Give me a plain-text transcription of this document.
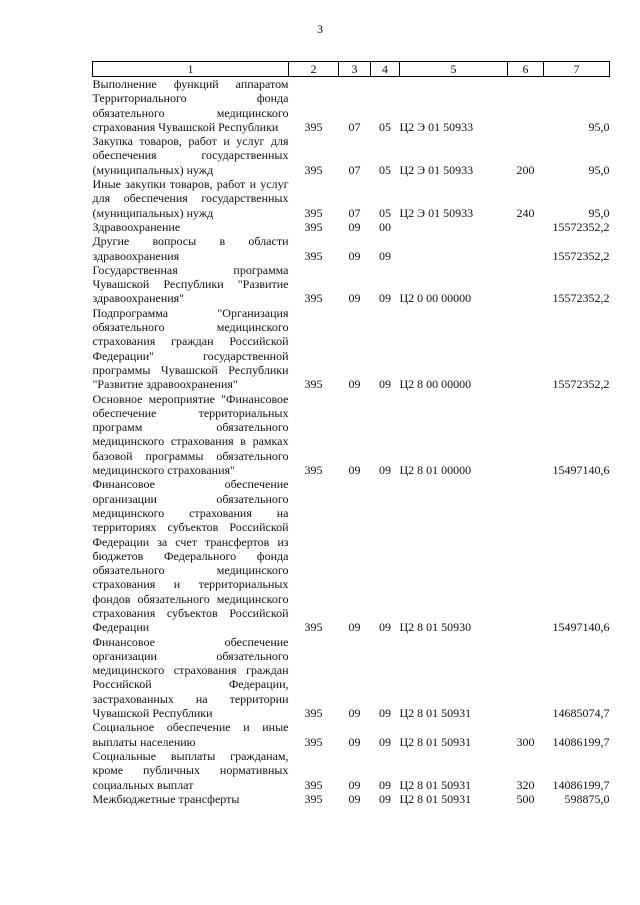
3
1	2	3	4	5	6	7
Выполнение функций аппаратом Территориального фонда обязательного медицинского страхования Чувашской Республики	395	07	05	Ц2 Э 01 50933		95,0
Закупка товаров, работ и услуг для обеспечения государственных (муниципальных) нужд	395	07	05	Ц2 Э 01 50933	200	95,0
Иные закупки товаров, работ и услуг для обеспечения государственных (муниципальных) нужд	395	07	05	Ц2 Э 01 50933	240	95,0
Здравоохранение	395	09	00			15572352,2
Другие вопросы в области здравоохранения	395	09	09			15572352,2
Государственная программа Чувашской Республики "Развитие здравоохранения"	395	09	09	Ц2 0 00 00000		15572352,2
Подпрограмма "Организация обязательного медицинского страхования граждан Российской Федерации" государственной программы Чувашской Республики "Развитие здравоохранения"	395	09	09	Ц2 8 00 00000		15572352,2
Основное мероприятие "Финансовое обеспечение территориальных программ обязательного медицинского страхования в рамках базовой программы обязательного медицинского страхования"	395	09	09	Ц2 8 01 00000		15497140,6
Финансовое обеспечение организации обязательного медицинского страхования на территориях субъектов Российской Федерации за счет трансфертов из бюджетов Федерального фонда обязательного медицинского страхования и территориальных фондов обязательного медицинского страхования субъектов Российской Федерации	395	09	09	Ц2 8 01 50930		15497140,6
Финансовое обеспечение организации обязательного медицинского страхования граждан Российской Федерации, застрахованных на территории Чувашской Республики	395	09	09	Ц2 8 01 50931		14685074,7
Социальное обеспечение и иные выплаты населению	395	09	09	Ц2 8 01 50931	300	14086199,7
Социальные выплаты гражданам, кроме публичных нормативных социальных выплат	395	09	09	Ц2 8 01 50931	320	14086199,7
Межбюджетные трансферты	395	09	09	Ц2 8 01 50931	500	598875,0
